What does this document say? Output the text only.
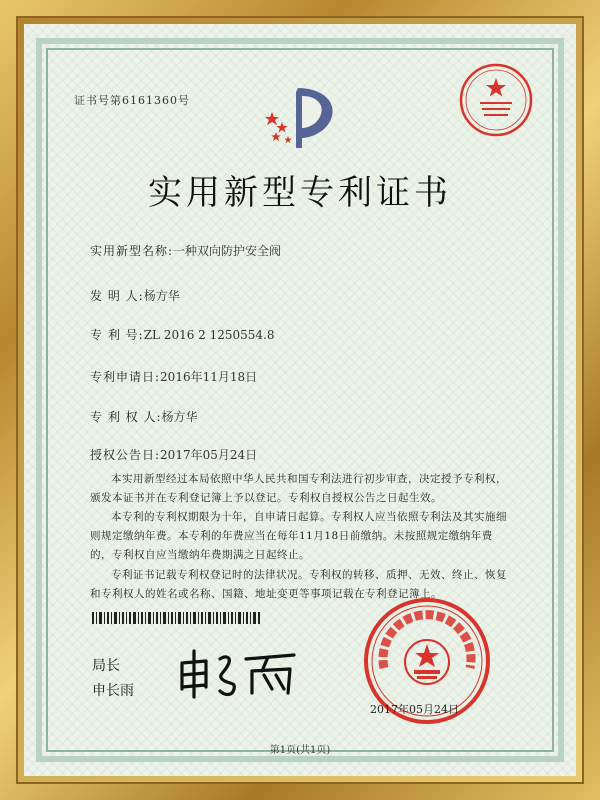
证书号第6161360号
实用新型专利证书
实用新型名称:一种双向防护安全阀
发 明 人:杨方华
专 利 号:ZL 2016 2 1250554.8
专利申请日:2016年11月18日
专 利 权 人:杨方华
授权公告日:2017年05月24日
本实用新型经过本局依照中华人民共和国专利法进行初步审查，决定授予专利权，颁发本证书并在专利登记簿上予以登记。专利权自授权公告之日起生效。
本专利的专利权期限为十年，自申请日起算。专利权人应当依照专利法及其实施细则规定缴纳年费。本专利的年费应当在每年11月18日前缴纳。未按照规定缴纳年费的，专利权自应当缴纳年费期满之日起终止。
专利证书记载专利权登记时的法律状况。专利权的转移、质押、无效、终止、恢复和专利权人的姓名或名称、国籍、地址变更等事项记载在专利登记簿上。
局长
申长雨
2017年05月24日
第1页(共1页)
